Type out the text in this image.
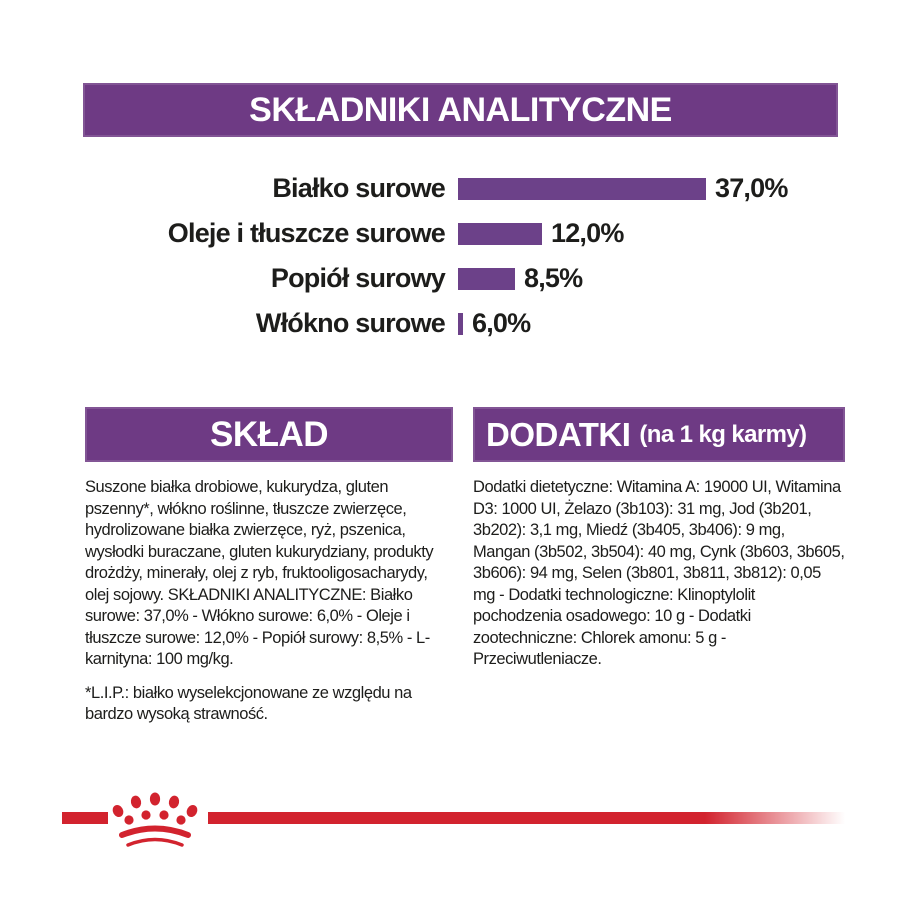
SKŁADNIKI ANALITYCZNE
Białko surowe	37,0%
Oleje i tłuszcze surowe	12,0%
Popiół surowy	8,5%
Włókno surowe 6,0%
SKŁAD
Suszone białka drobiowe, kukurydza, gluten pszenny*, włókno roślinne, tłuszcze zwierzęce, hydrolizowane białka zwierzęce, ryż, pszenica, wysłodki buraczane, gluten kukurydziany, produkty drożdży, minerały, olej z ryb, fruktooligosacharydy, olej sojowy. SKŁADNIKI ANALITYCZNE: Białko surowe: 37,0% - Włókno surowe: 6,0% - Oleje i tłuszcze surowe: 12,0% - Popiół surowy: 8,5% - L-karnityna: 100 mg/kg.
*L.I.P.: białko wyselekcjonowane ze względu na bardzo wysoką strawność.
DODATKI (na 1 kg karmy)
Dodatki dietetyczne: Witamina A: 19000 UI, Witamina D3: 1000 UI, Żelazo (3b103): 31 mg, Jod (3b201, 3b202): 3,1 mg, Miedź (3b405, 3b406): 9 mg, Mangan (3b502, 3b504): 40 mg, Cynk (3b603, 3b605, 3b606): 94 mg, Selen (3b801, 3b811, 3b812): 0,05 mg - Dodatki technologiczne: Klinoptylolit pochodzenia osadowego: 10 g - Dodatki zootechniczne: Chlorek amonu: 5 g - Przeciwutleniacze.
